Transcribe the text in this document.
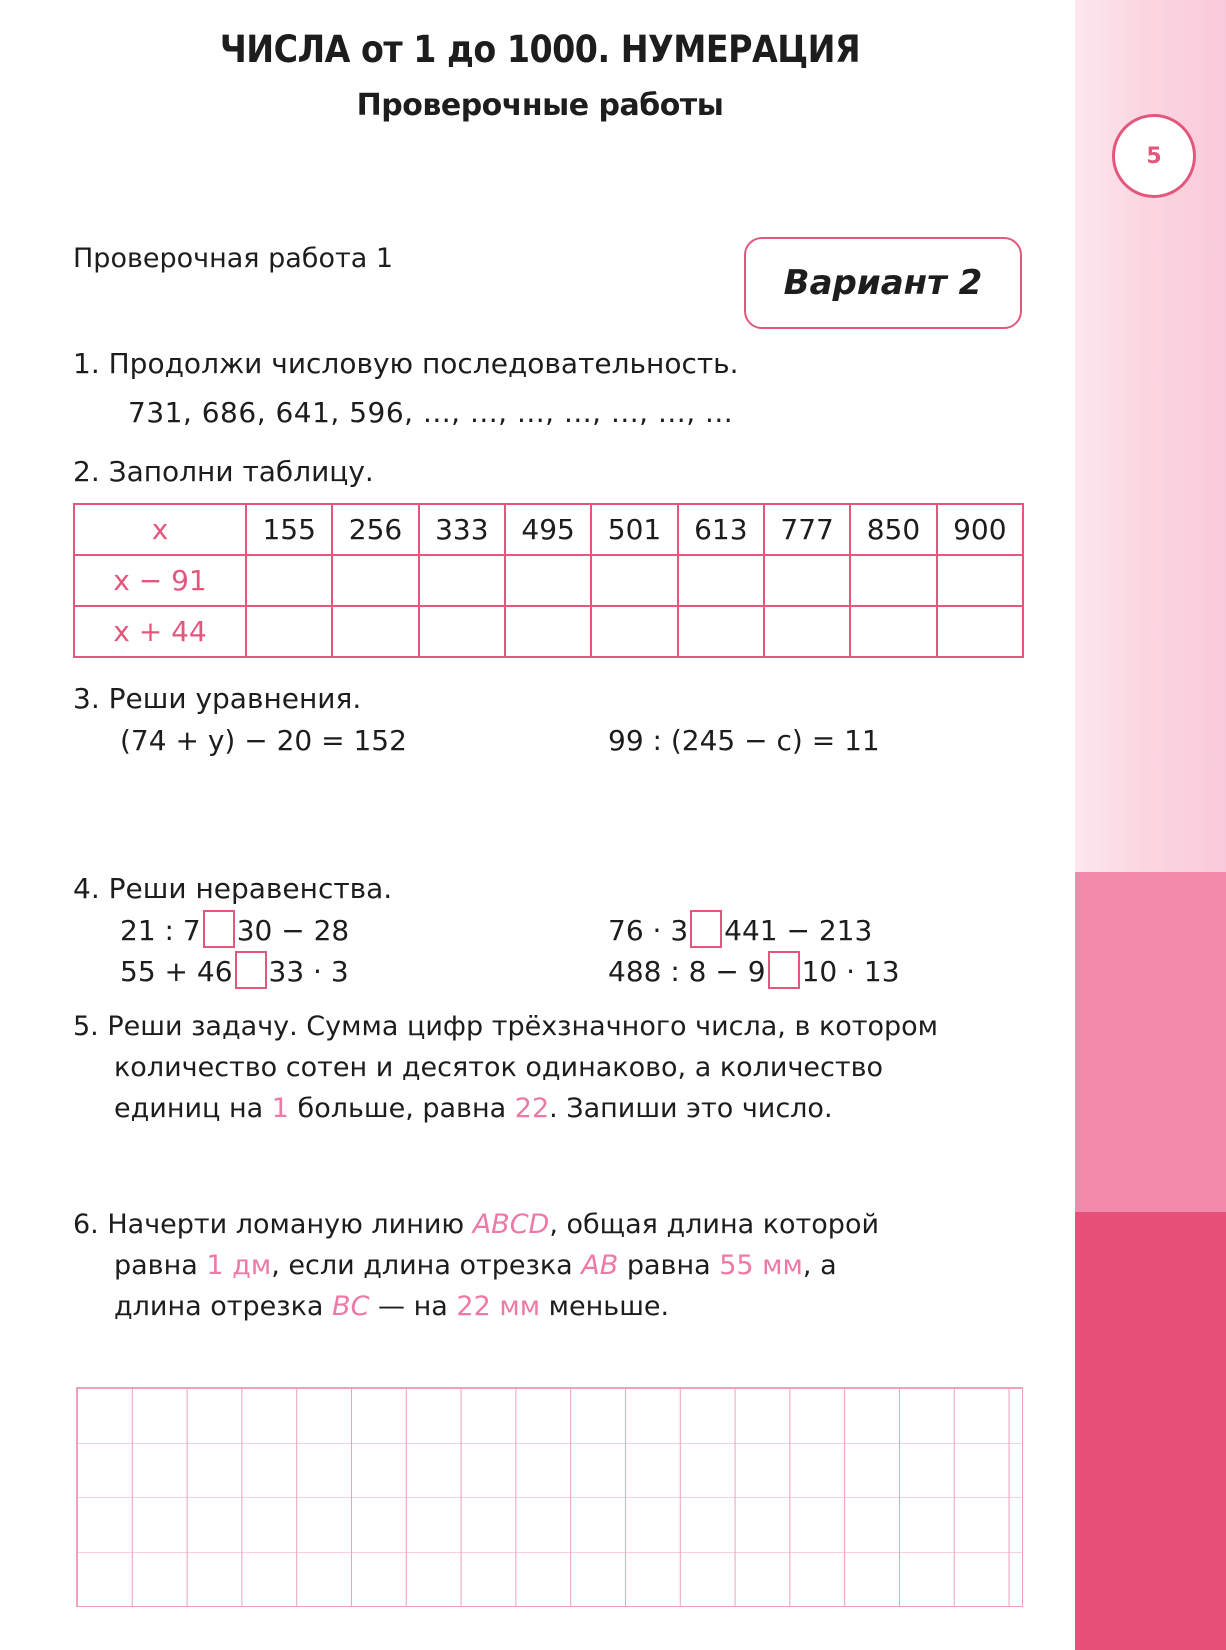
ЧИСЛА от 1 до 1000. НУМЕРАЦИЯ
Проверочные работы
5
Проверочная работа 1
Вариант 2
1. Продолжи числовую последовательность.
731, 686, 641, 596, ..., ..., ..., ..., ..., ..., ...
2. Заполни таблицу.
x	155	256	333	495	501	613	777	850	900
x − 91									
x + 44									
3. Реши уравнения.
(74 + y) − 20 = 152	99 : (245 − c) = 11
4. Реши неравенства.
21 : 7 30 − 28	76 · 3 441 − 213
55 + 46 33 · 3	488 : 8 − 9 10 · 13
5. Реши задачу. Сумма цифр трёхзначного числа, в котором
количество сотен и десяток одинаково, а количество
единиц на 1 больше, равна 22. Запиши это число.
6. Начерти ломаную линию ABCD, общая длина которой
равна 1 дм, если длина отрезка AB равна 55 мм, а
длина отрезка BC — на 22 мм меньше.
